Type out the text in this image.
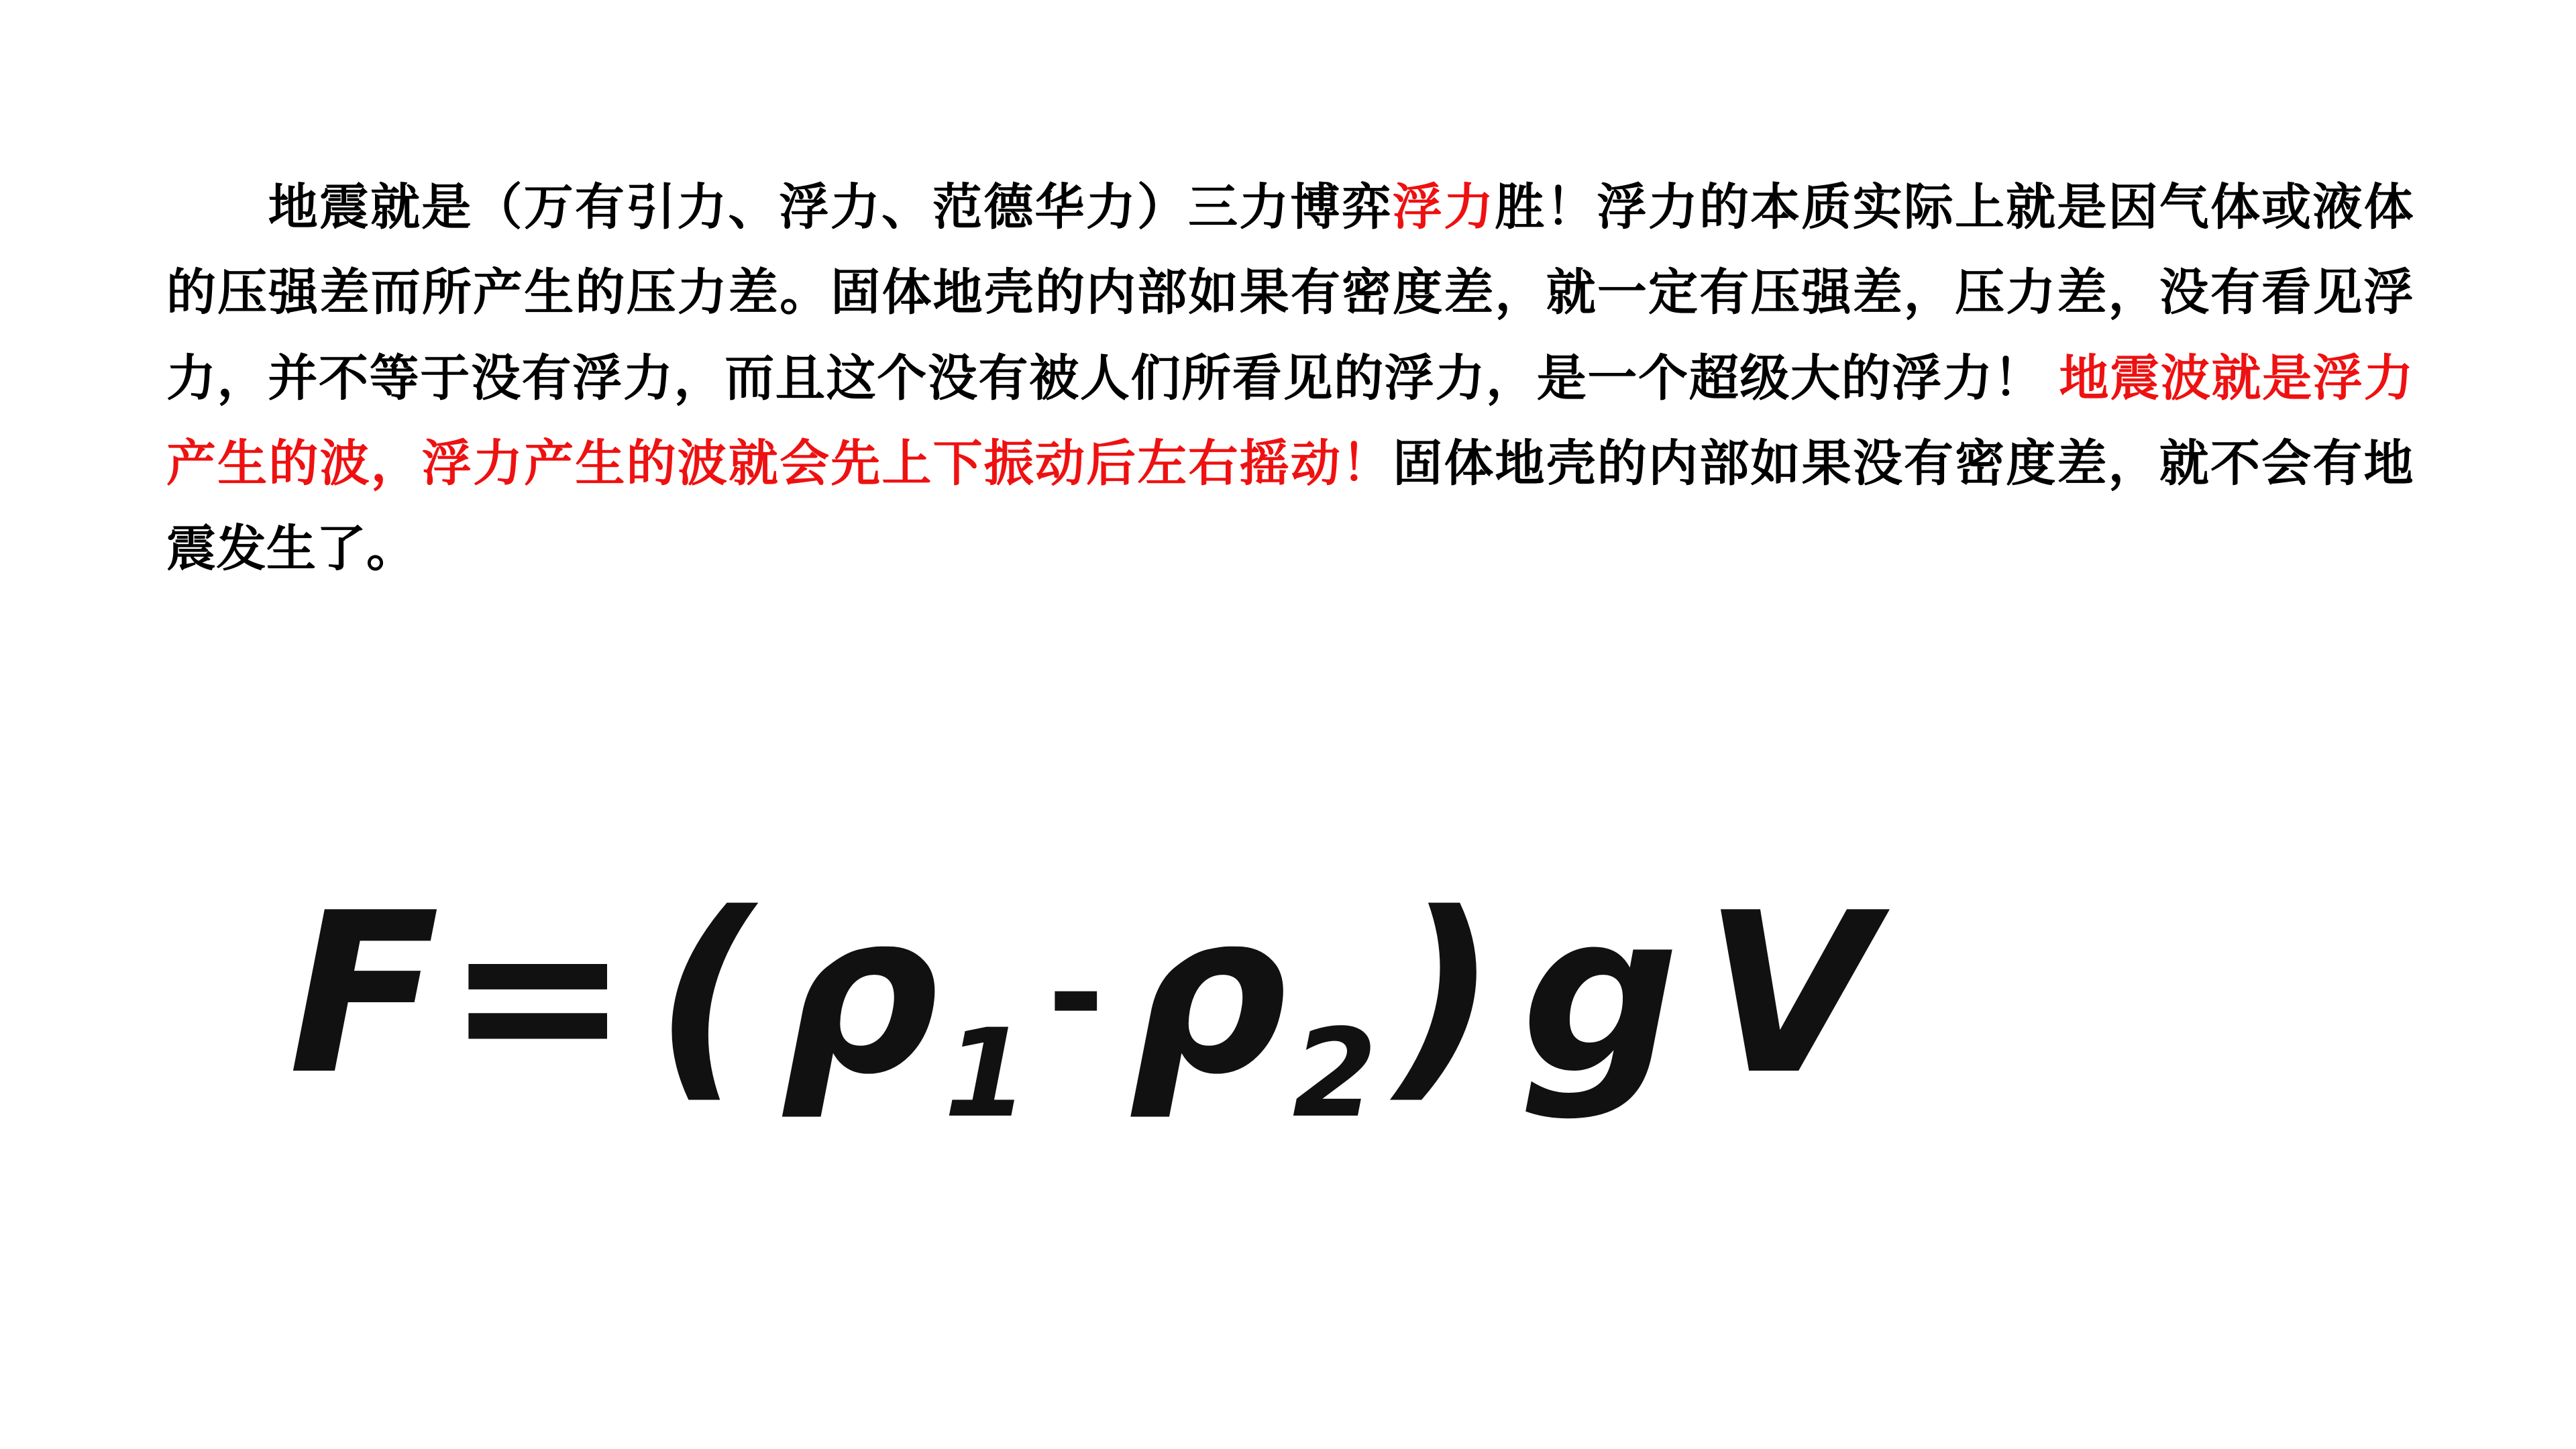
地震就是（万有引力、浮力、范德华力）三力博弈浮力胜！浮力的本质实际上就是因气体或液体的压强差而所产生的压力差。固体地壳的内部如果有密度差，就一定有压强差，压力差，没有看见浮力，并不等于没有浮力，而且这个没有被人们所看见的浮力，是一个超级大的浮力！ 地震波就是浮力产生的波，浮力产生的波就会先上下振动后左右摇动！固体地壳的内部如果没有密度差，就不会有地震发生了。
$F=(\rho_1-\rho_2)gV$
